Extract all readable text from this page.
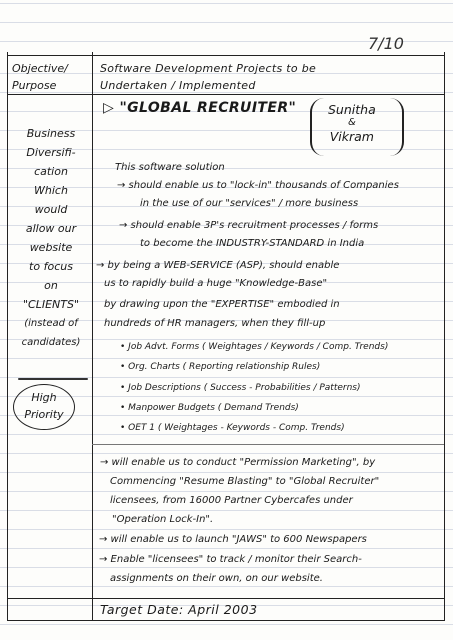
7/10
Objective/
Purpose
Software Development Projects to be
Undertaken / Implemented
▷ "GLOBAL RECRUITER"	Sunitha
&
Vikram
Business
Diversifi-
cation
Which
would
allow our
website
to focus
on
"CLIENTS"
(instead of
candidates)
High
Priority
This software solution
→ should enable us to "lock-in" thousands of Companies
in the use of our "services" / more business
→ should enable 3P's recruitment processes / forms
to become the INDUSTRY-STANDARD in India
→ by being a WEB-SERVICE (ASP), should enable
us to rapidly build a huge "Knowledge-Base"
by drawing upon the "EXPERTISE" embodied in
hundreds of HR managers, when they fill-up
• Job Advt. Forms ( Weightages / Keywords / Comp. Trends)
• Org. Charts ( Reporting relationship Rules)
• Job Descriptions ( Success - Probabilities / Patterns)
• Manpower Budgets ( Demand Trends)
• OET 1 ( Weightages - Keywords - Comp. Trends)
→ will enable us to conduct "Permission Marketing", by
Commencing "Resume Blasting" to "Global Recruiter"
licensees, from 16000 Partner Cybercafes under
"Operation Lock-In".
→ will enable us to launch "JAWS" to 600 Newspapers
→ Enable "licensees" to track / monitor their Search-
assignments on their own, on our website.
Target Date: April 2003
